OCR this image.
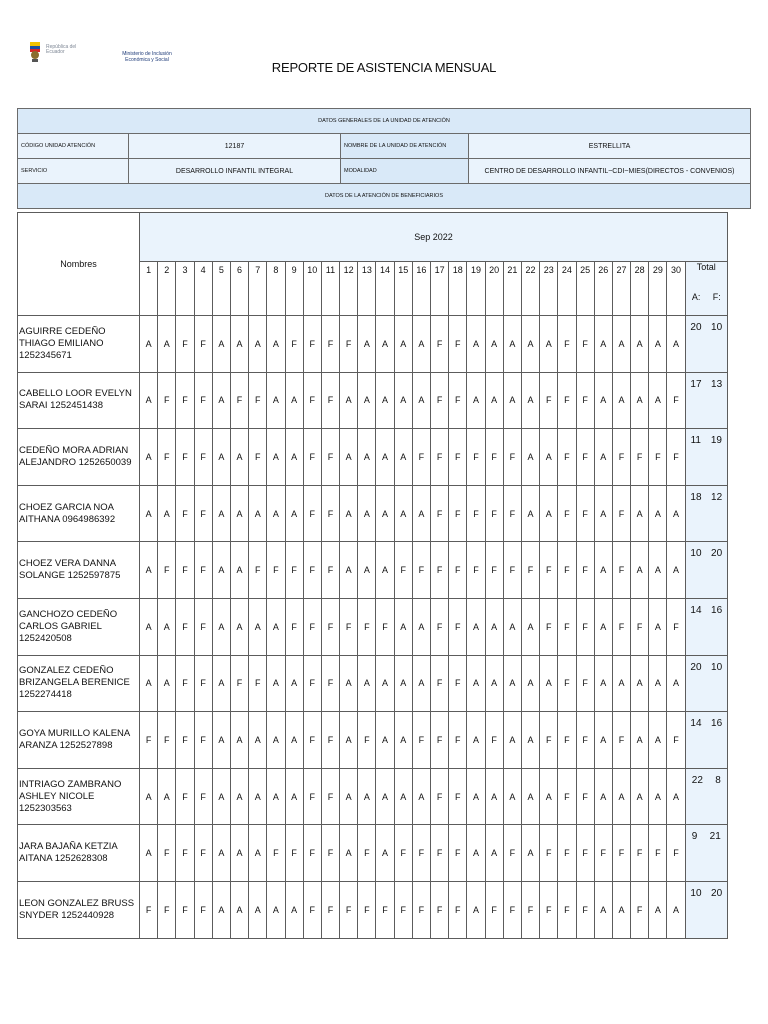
República del Ecuador	Ministerio de Inclusión
Económica y Social	REPORTE DE ASISTENCIA MENSUAL
DATOS GENERALES DE LA UNIDAD DE ATENCIÓN			
CÓDIGO UNIDAD ATENCIÓN	12187	NOMBRE DE LA UNIDAD DE ATENCIÓN	ESTRELLITA
SERVICIO	DESARROLLO INFANTIL INTEGRAL	MODALIDAD	CENTRO DE DESARROLLO INFANTIL~CDI~MIES(DIRECTOS - CONVENIOS)
DATOS DE LA ATENCIÓN DE BENEFICIARIOS			
Nombres	Sep 2022																														
	1	2	3	4	5	6	7	8	9	10	11	12	13	14	15	16	17	18	19	20	21	22	23	24	25	26	27	28	29	30	Total
A: F:

AGUIRRE CEDEÑO THIAGO EMILIANO 1252345671	A	A	F	F	A	A	A	A	F	F	F	F	A	A	A	A	F	F	A	A	A	A	A	F	F	A	A	A	A	A	20 10

CABELLO LOOR EVELYN SARAI 1252451438	A	F	F	F	A	F	F	A	A	F	F	A	A	A	A	A	F	F	A	A	A	A	F	F	F	A	A	A	A	F	17 13

CEDEÑO MORA ADRIAN ALEJANDRO 1252650039	A	F	F	F	A	A	F	A	A	F	F	A	A	A	A	F	F	F	F	F	F	A	A	F	F	A	F	F	F	F	11 19

CHOEZ GARCIA NOA AITHANA 0964986392	A	A	F	F	A	A	A	A	A	F	F	A	A	A	A	A	F	F	F	F	F	A	A	F	F	A	F	A	A	A	18 12

CHOEZ VERA DANNA SOLANGE 1252597875	A	F	F	F	A	A	F	F	F	F	F	A	A	A	F	F	F	F	F	F	F	F	F	F	F	A	F	A	A	A	10 20

GANCHOZO CEDEÑO CARLOS GABRIEL 1252420508	A	A	F	F	A	A	A	A	F	F	F	F	F	F	A	A	F	F	A	A	A	A	F	F	F	A	F	F	A	F	14 16

GONZALEZ CEDEÑO BRIZANGELA BERENICE 1252274418	A	A	F	F	A	F	F	A	A	F	F	A	A	A	A	A	F	F	A	A	A	A	A	F	F	A	A	A	A	A	20 10

GOYA MURILLO KALENA ARANZA 1252527898	F	F	F	F	A	A	A	A	A	F	F	A	F	A	A	F	F	F	A	F	A	A	F	F	F	A	F	A	A	F	14 16

INTRIAGO ZAMBRANO ASHLEY NICOLE 1252303563	A	A	F	F	A	A	A	A	A	F	F	A	A	A	A	A	F	F	A	A	A	A	A	F	F	A	A	A	A	A	22 8

JARA BAJAÑA KETZIA AITANA 1252628308	A	F	F	F	A	A	A	F	F	F	F	A	F	A	F	F	F	F	A	A	F	A	F	F	F	F	F	F	F	F	9 21

LEON GONZALEZ BRUSS SNYDER 1252440928	F	F	F	F	A	A	A	A	A	F	F	F	F	F	F	F	F	F	A	F	F	F	F	F	F	A	A	F	A	A	10 20
